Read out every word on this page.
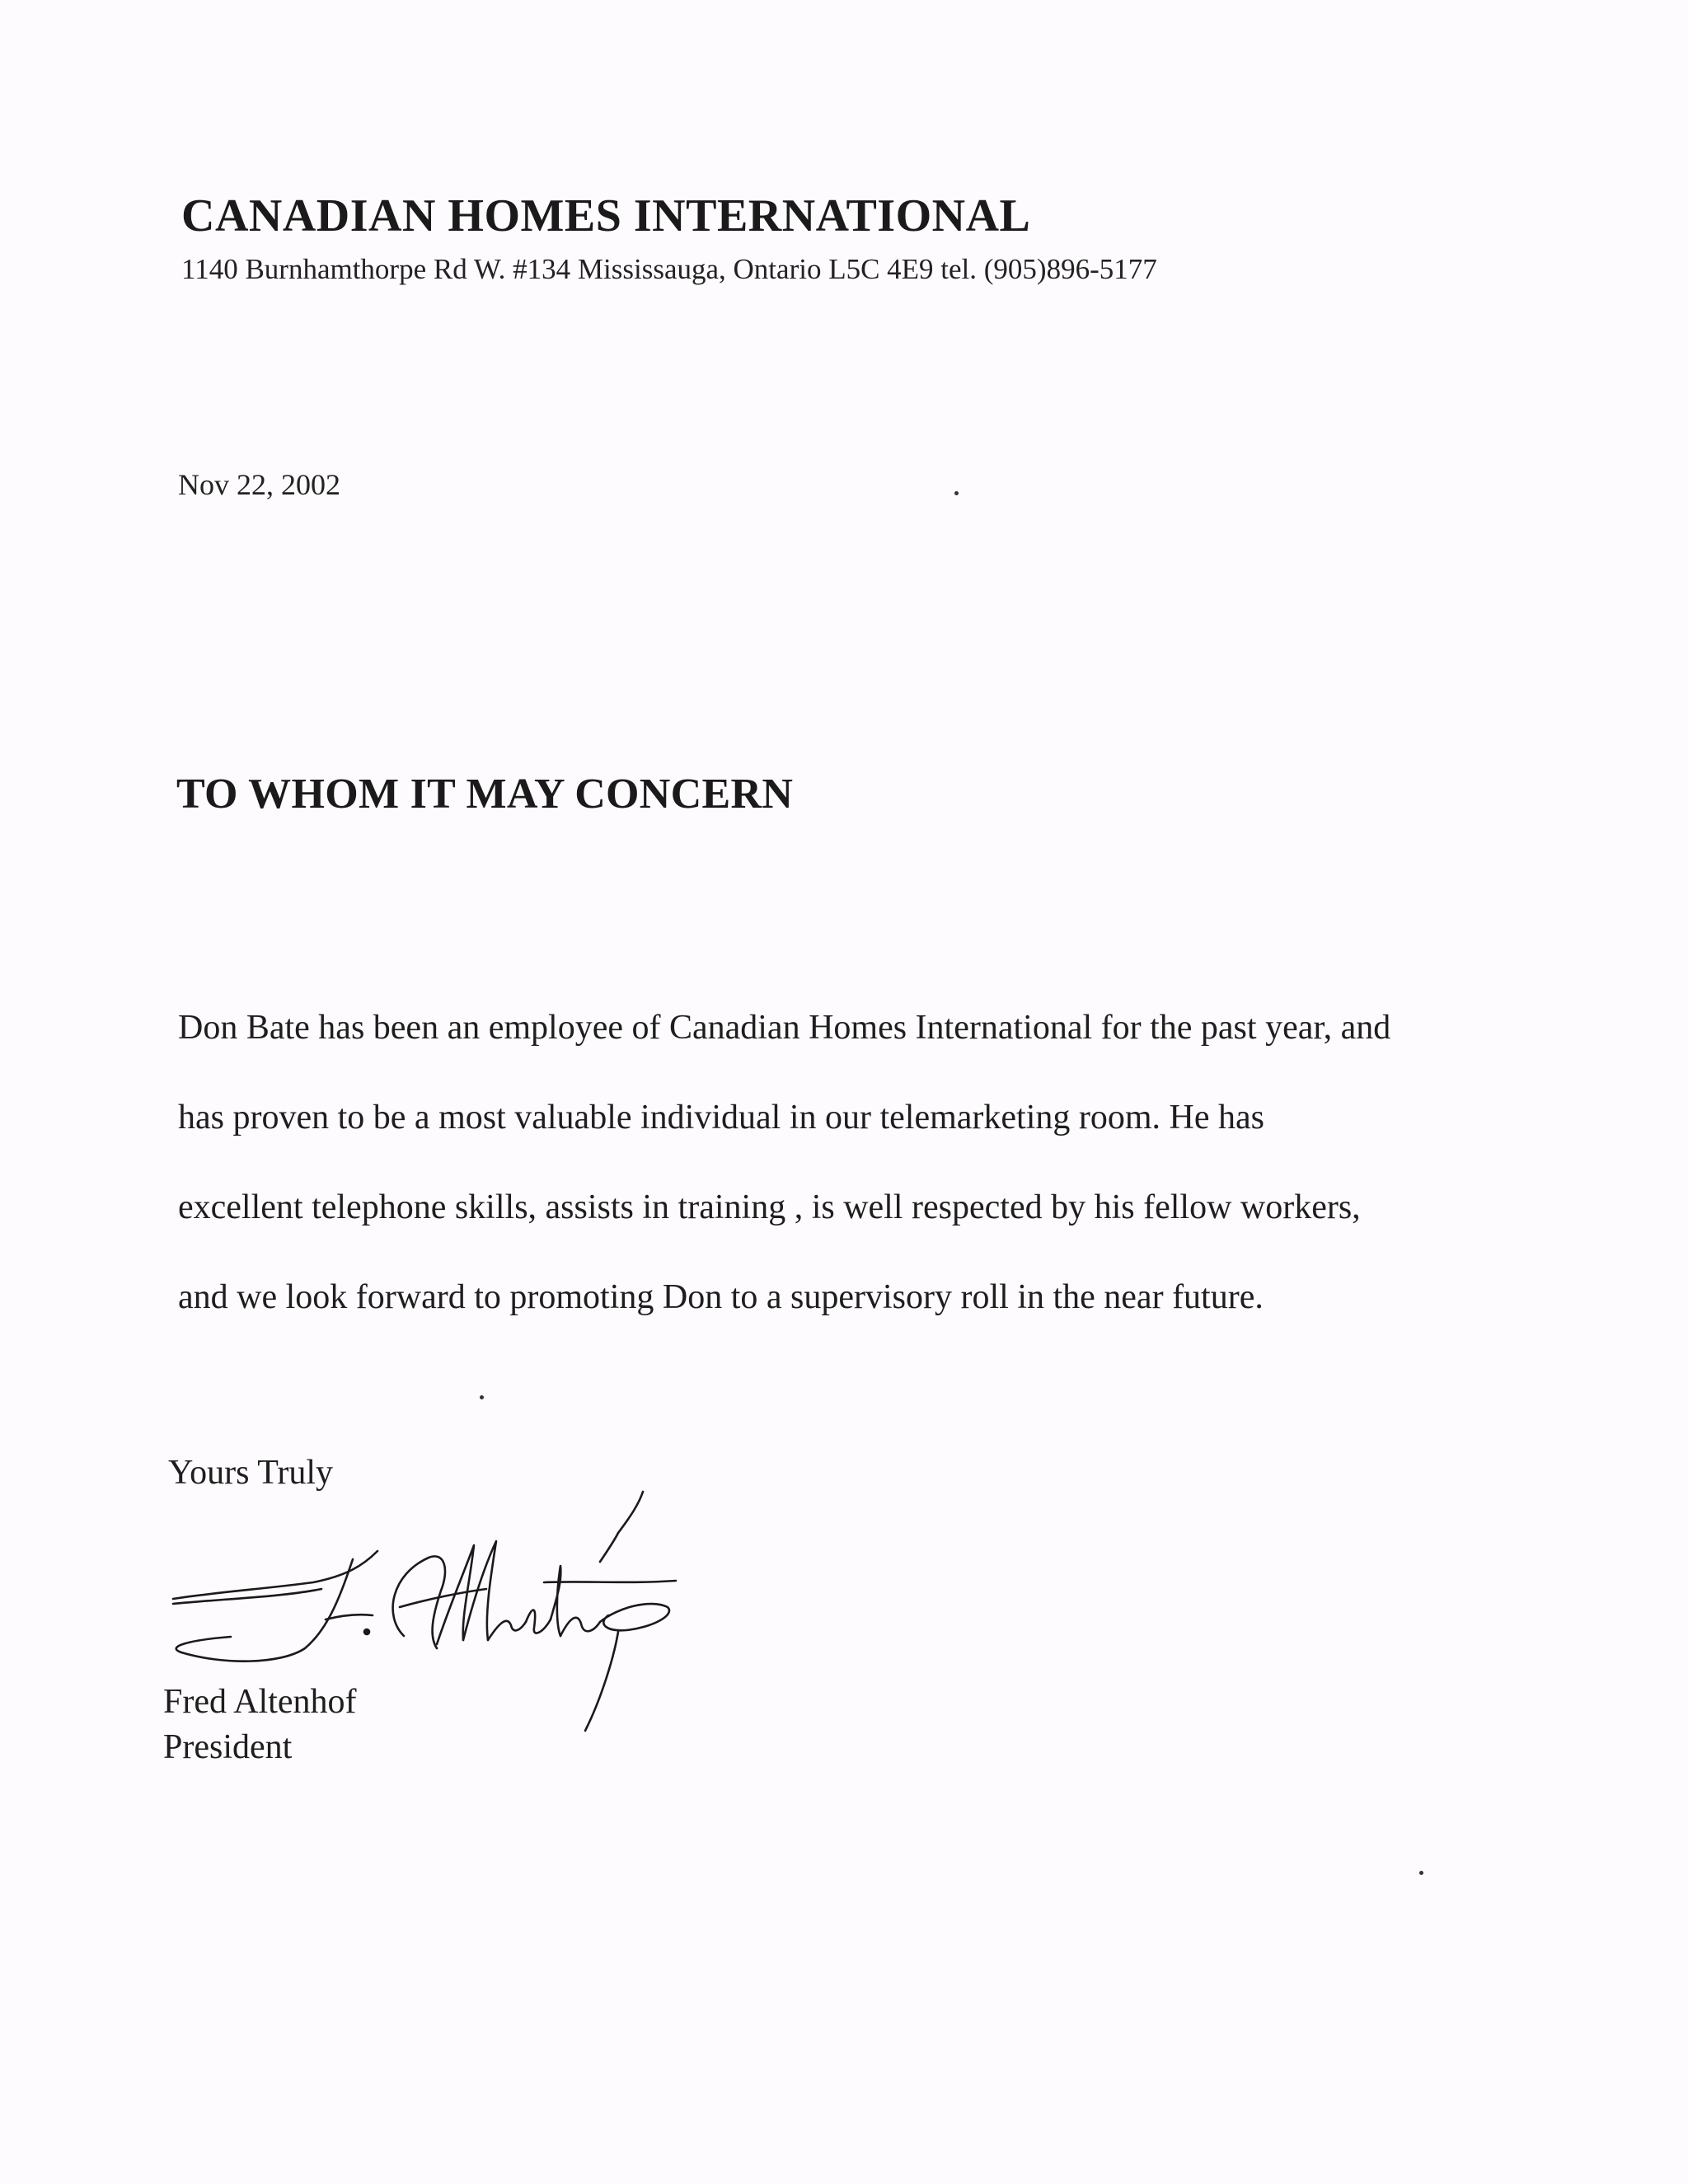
CANADIAN HOMES INTERNATIONAL
1140 Burnhamthorpe Rd W. #134 Mississauga, Ontario L5C 4E9 tel. (905)896-5177
Nov 22, 2002
TO WHOM IT MAY CONCERN
Don Bate has been an employee of Canadian Homes International for the past year, and
has proven to be a most valuable individual in our telemarketing room. He has
excellent telephone skills, assists in training , is well respected by his fellow workers,
and we look forward to promoting Don to a supervisory roll in the near future.
Yours Truly
Fred Altenhof
President
